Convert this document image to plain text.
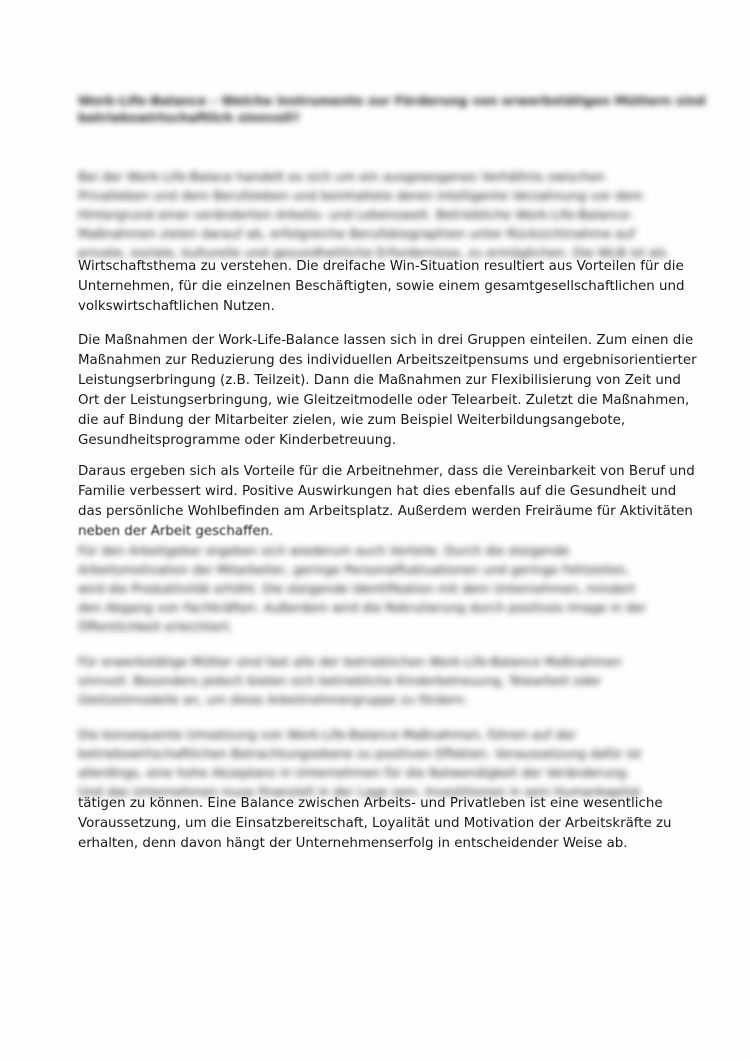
Work-Life-Balance – Welche Instrumente zur Förderung von erwerbstätigen Müttern sind
betriebswirtschaftlich sinnvoll?
Bei der Work-Life-Balace handelt es sich um ein ausgewogenes Verhältnis zwischen
Privatleben und dem Berufsleben und beinhaltete deren intelligente Verzahnung vor dem
Hintergrund einer veränderten Arbeits- und Lebenswelt. Betriebliche Work-Life-Balance-
Maßnahmen zielen darauf ab, erfolgreiche Berufsbiographien unter Rücksichtnahme auf
private, soziale, kulturelle und gesundheitliche Erfordernisse, zu ermöglichen. Die WLB ist als
Wirtschaftsthema zu verstehen. Die dreifache Win-Situation resultiert aus Vorteilen für die
Unternehmen, für die einzelnen Beschäftigten, sowie einem gesamtgesellschaftlichen und
volkswirtschaftlichen Nutzen.
Die Maßnahmen der Work-Life-Balance lassen sich in drei Gruppen einteilen. Zum einen die
Maßnahmen zur Reduzierung des individuellen Arbeitszeitpensums und ergebnisorientierter
Leistungserbringung (z.B. Teilzeit). Dann die Maßnahmen zur Flexibilisierung von Zeit und
Ort der Leistungserbringung, wie Gleitzeitmodelle oder Telearbeit. Zuletzt die Maßnahmen,
die auf Bindung der Mitarbeiter zielen, wie zum Beispiel Weiterbildungsangebote,
Gesundheitsprogramme oder Kinderbetreuung.
Daraus ergeben sich als Vorteile für die Arbeitnehmer, dass die Vereinbarkeit von Beruf und
Familie verbessert wird. Positive Auswirkungen hat dies ebenfalls auf die Gesundheit und
das persönliche Wohlbefinden am Arbeitsplatz. Außerdem werden Freiräume für Aktivitäten
neben der Arbeit geschaffen.
Für den Arbeitgeber ergeben sich wiederum auch Vorteile. Durch die steigende
Arbeitsmotivation der Mitarbeiter, geringe Personalfluktuationen und geringe Fehlzeiten,
wird die Produktivität erhöht. Die steigende Identifikation mit dem Unternehmen, mindert
den Abgang von Fachkräften. Außerdem wird die Rekrutierung durch positives Image in der
Öffentlichkeit erleichtert.
Für erwerbstätige Mütter sind fast alle der betrieblichen Work-Life-Balance Maßnahmen
sinnvoll. Besonders jedoch bieten sich betriebliche Kinderbetreuung, Telearbeit oder
Gleitzeitmodelle an, um diese Arbeitnehmergruppe zu fördern.
Die konsequente Umsetzung von Work-Life-Balance Maßnahmen, führen auf der
betriebswirtschaftlichen Betrachtungsebene zu positiven Effekten. Voraussetzung dafür ist
allerdings, eine hohe Akzeptanz in Unternehmen für die Notwendigkeit der Veränderung.
Und das Unternehmen muss finanziell in der Lage sein, Investitionen in sein Humankapital
tätigen zu können. Eine Balance zwischen Arbeits- und Privatleben ist eine wesentliche
Voraussetzung, um die Einsatzbereitschaft, Loyalität und Motivation der Arbeitskräfte zu
erhalten, denn davon hängt der Unternehmenserfolg in entscheidender Weise ab.
